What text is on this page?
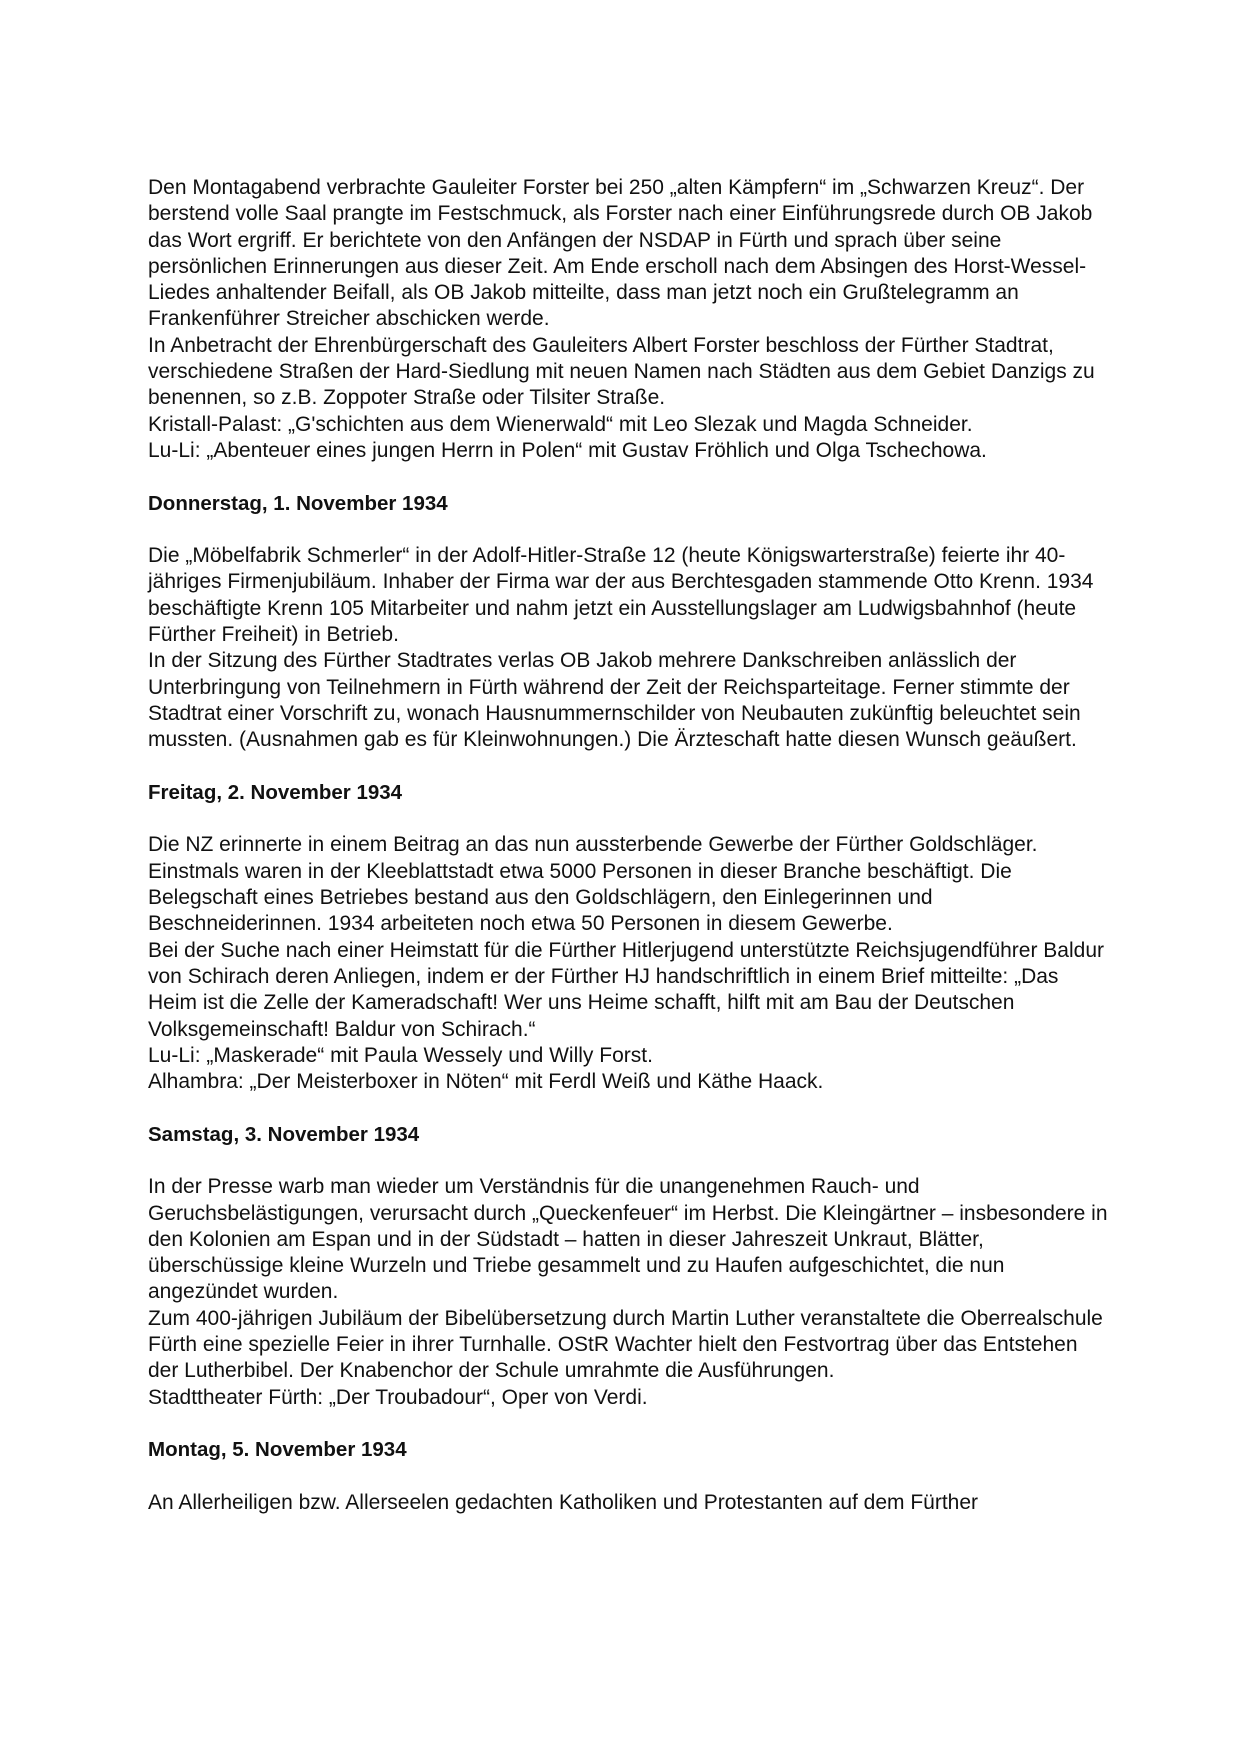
Den Montagabend verbrachte Gauleiter Forster bei 250 „alten Kämpfern“ im „Schwarzen Kreuz“. Der berstend volle Saal prangte im Festschmuck, als Forster nach einer Einführungsrede durch OB Jakob das Wort ergriff. Er berichtete von den Anfängen der NSDAP in Fürth und sprach über seine persönlichen Erinnerungen aus dieser Zeit. Am Ende erscholl nach dem Absingen des Horst-Wessel-Liedes anhaltender Beifall, als OB Jakob mitteilte, dass man jetzt noch ein Grußtelegramm an Frankenführer Streicher abschicken werde.

In Anbetracht der Ehrenbürgerschaft des Gauleiters Albert Forster beschloss der Fürther Stadtrat, verschiedene Straßen der Hard-Siedlung mit neuen Namen nach Städten aus dem Gebiet Danzigs zu benennen, so z.B. Zoppoter Straße oder Tilsiter Straße.

Kristall-Palast: „G'schichten aus dem Wienerwald“ mit Leo Slezak und Magda Schneider.

Lu-Li: „Abenteuer eines jungen Herrn in Polen“ mit Gustav Fröhlich und Olga Tschechowa.

Donnerstag, 1. November 1934

Die „Möbelfabrik Schmerler“ in der Adolf-Hitler-Straße 12 (heute Königswarterstraße) feierte ihr 40-jähriges Firmenjubiläum. Inhaber der Firma war der aus Berchtesgaden stammende Otto Krenn. 1934 beschäftigte Krenn 105 Mitarbeiter und nahm jetzt ein Ausstellungslager am Ludwigsbahnhof (heute Fürther Freiheit) in Betrieb.

In der Sitzung des Fürther Stadtrates verlas OB Jakob mehrere Dankschreiben anlässlich der Unterbringung von Teilnehmern in Fürth während der Zeit der Reichsparteitage. Ferner stimmte der Stadtrat einer Vorschrift zu, wonach Hausnummernschilder von Neubauten zukünftig beleuchtet sein mussten. (Ausnahmen gab es für Kleinwohnungen.) Die Ärzteschaft hatte diesen Wunsch geäußert.

Freitag, 2. November 1934

Die NZ erinnerte in einem Beitrag an das nun aussterbende Gewerbe der Fürther Goldschläger. Einstmals waren in der Kleeblattstadt etwa 5000 Personen in dieser Branche beschäftigt. Die Belegschaft eines Betriebes bestand aus den Goldschlägern, den Einlegerinnen und Beschneiderinnen. 1934 arbeiteten noch etwa 50 Personen in diesem Gewerbe.

Bei der Suche nach einer Heimstatt für die Fürther Hitlerjugend unterstützte Reichsjugendführer Baldur von Schirach deren Anliegen, indem er der Fürther HJ handschriftlich in einem Brief mitteilte: „Das Heim ist die Zelle der Kameradschaft! Wer uns Heime schafft, hilft mit am Bau der Deutschen Volksgemeinschaft! Baldur von Schirach.“

Lu-Li: „Maskerade“ mit Paula Wessely und Willy Forst.

Alhambra: „Der Meisterboxer in Nöten“ mit Ferdl Weiß und Käthe Haack.

Samstag, 3. November 1934

In der Presse warb man wieder um Verständnis für die unangenehmen Rauch- und Geruchsbelästigungen, verursacht durch „Queckenfeuer“ im Herbst. Die Kleingärtner – insbesondere in den Kolonien am Espan und in der Südstadt – hatten in dieser Jahreszeit Unkraut, Blätter, überschüssige kleine Wurzeln und Triebe gesammelt und zu Haufen aufgeschichtet, die nun angezündet wurden.

Zum 400-jährigen Jubiläum der Bibelübersetzung durch Martin Luther veranstaltete die Oberrealschule Fürth eine spezielle Feier in ihrer Turnhalle. OStR Wachter hielt den Festvortrag über das Entstehen der Lutherbibel. Der Knabenchor der Schule umrahmte die Ausführungen.

Stadttheater Fürth: „Der Troubadour“, Oper von Verdi.

Montag, 5. November 1934

An Allerheiligen bzw. Allerseelen gedachten Katholiken und Protestanten auf dem Fürther
